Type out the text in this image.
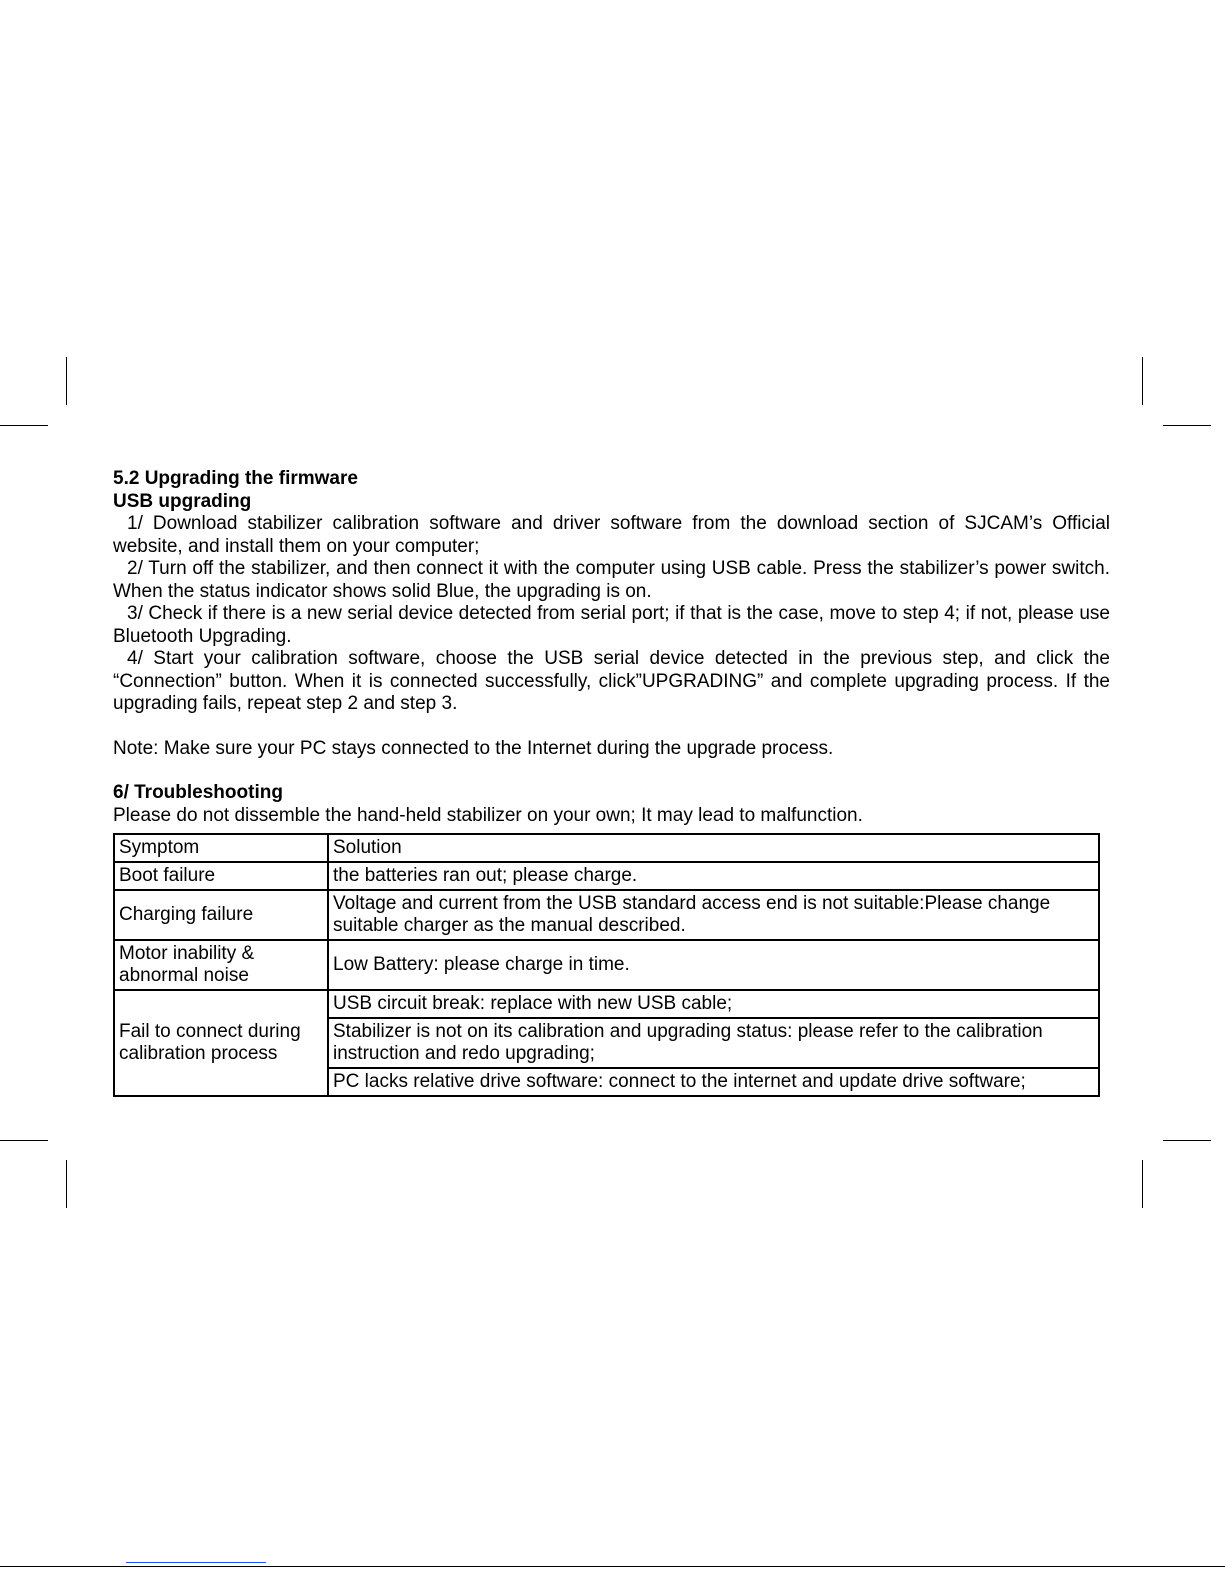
5.2 Upgrading the firmware

USB upgrading

1/ Download stabilizer calibration software and driver software from the download section of SJCAM’s Official website, and install them on your computer;

2/ Turn off the stabilizer, and then connect it with the computer using USB cable. Press the stabilizer’s power switch. When the status indicator shows solid Blue, the upgrading is on.

3/ Check if there is a new serial device detected from serial port; if that is the case, move to step 4; if not, please use Bluetooth Upgrading.

4/ Start your calibration software, choose the USB serial device detected in the previous step, and click the “Connection” button. When it is connected successfully, click”UPGRADING” and complete upgrading process. If the upgrading fails, repeat step 2 and step 3.

Note: Make sure your PC stays connected to the Internet during the upgrade process.

6/ Troubleshooting

Please do not dissemble the hand-held stabilizer on your own; It may lead to malfunction.

Symptom	Solution
Boot failure	the batteries ran out; please charge.
Charging failure	Voltage and current from the USB standard access end is not suitable:Please change suitable charger as the manual described.
Motor inability & abnormal noise	Low Battery: please charge in time.
Fail to connect during calibration process	USB circuit break: replace with new USB cable;
	Stabilizer is not on its calibration and upgrading status: please refer to the calibration instruction and redo upgrading;
	PC lacks relative drive software: connect to the internet and update drive software;
